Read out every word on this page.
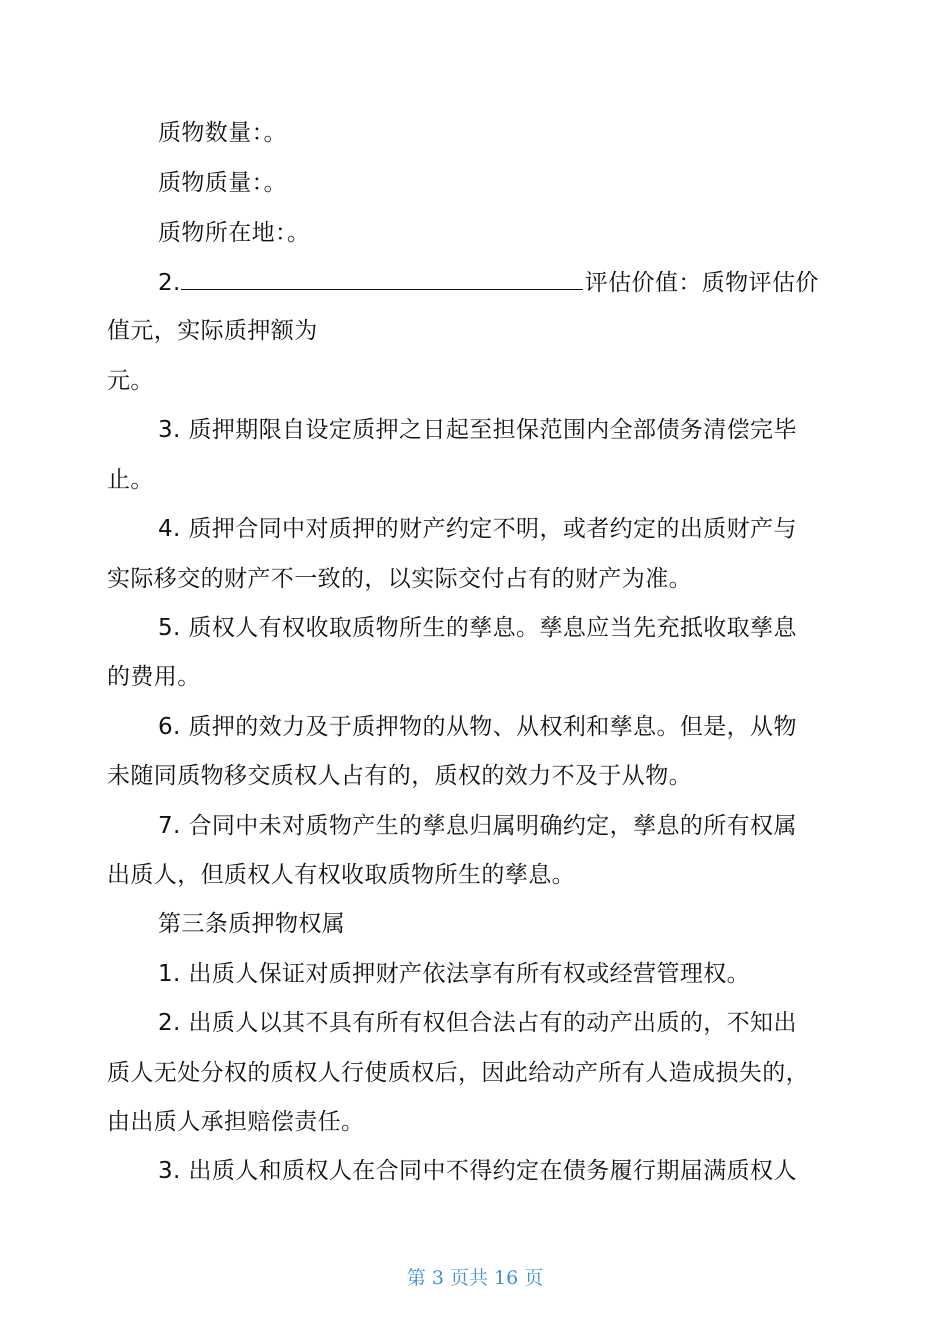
质物数量：。
质物质量：。
质物所在地：。
2.	评估价值：质物评估价
值元，实际质押额为
元。
3. 质押期限自设定质押之日起至担保范围内全部债务清偿完毕
止。
4. 质押合同中对质押的财产约定不明，或者约定的出质财产与
实际移交的财产不一致的，以实际交付占有的财产为准。
5. 质权人有权收取质物所生的孳息。孳息应当先充抵收取孳息
的费用。
6. 质押的效力及于质押物的从物、从权利和孳息。但是，从物
未随同质物移交质权人占有的，质权的效力不及于从物。
7. 合同中未对质物产生的孳息归属明确约定，孳息的所有权属
出质人，但质权人有权收取质物所生的孳息。
第三条质押物权属
1. 出质人保证对质押财产依法享有所有权或经营管理权。
2. 出质人以其不具有所有权但合法占有的动产出质的，不知出
质人无处分权的质权人行使质权后，因此给动产所有人造成损失的，
由出质人承担赔偿责任。
3. 出质人和质权人在合同中不得约定在债务履行期届满质权人
第 3 页共 16 页
